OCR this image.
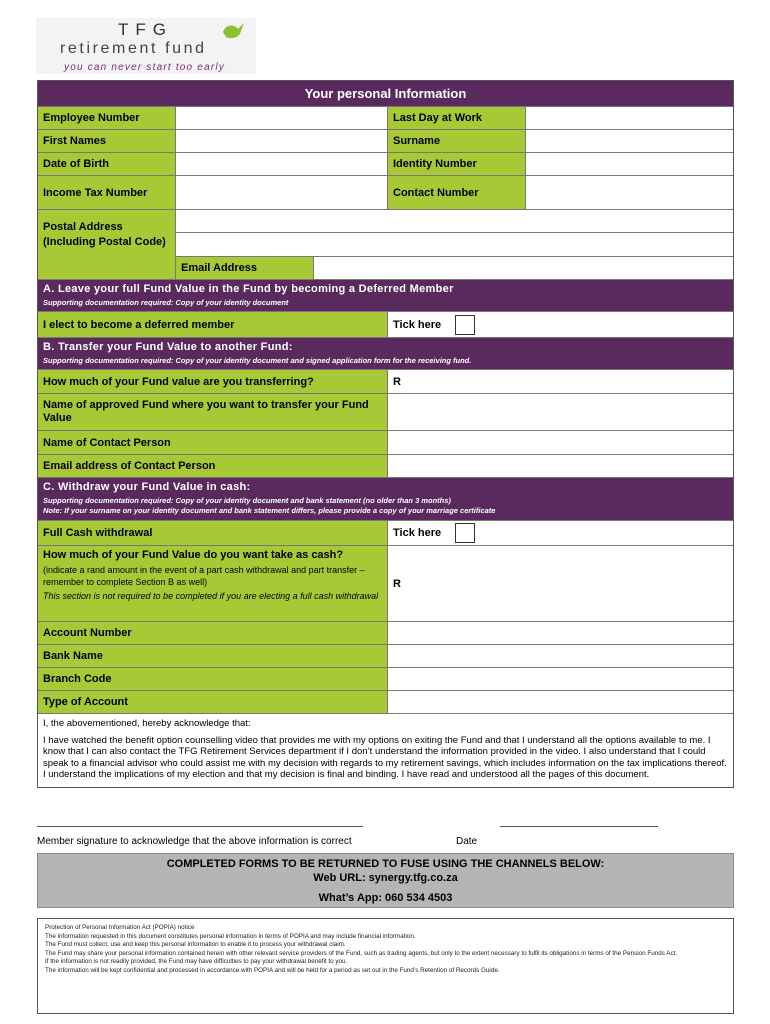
TFG
retirement fund
you can never start too early
Your personal Information
Employee Number	Last Day at Work
First Names	Surname
Date of Birth	Identity Number
Income Tax Number	Contact Number
Postal Address (Including Postal Code)
Email Address
A. Leave your full Fund Value in the Fund by becoming a Deferred Member
Supporting documentation required: Copy of your identity document
I elect to become a deferred member	Tick here
B. Transfer your Fund Value to another Fund:
Supporting documentation required: Copy of your identity document and signed application form for the receiving fund.
How much of your Fund value are you transferring?	R
Name of approved Fund where you want to transfer your Fund Value
Name of Contact Person
Email address of Contact Person
C. Withdraw your Fund Value in cash:
Supporting documentation required: Copy of your identity document and bank statement (no older than 3 months)
Note: If your surname on your identity document and bank statement differs, please provide a copy of your marriage certificate
Full Cash withdrawal	Tick here
How much of your Fund Value do you want take as cash?
(indicate a rand amount in the event of a part cash withdrawal and part transfer – remember to complete Section B as well)
This section is not required to be completed if you are electing a full cash withdrawal
R
Account Number
Bank Name
Branch Code
Type of Account

I, the abovementioned, hereby acknowledge that:

I have watched the benefit option counselling video that provides me with my options on exiting the Fund and that I understand all the options available to me. I know that I can also contact the TFG Retirement Services department if I don’t understand the information provided in the video. I also understand that I could speak to a financial advisor who could assist me with my decision with regards to my retirement savings, which includes information on the tax implications thereof. I understand the implications of my election and that my decision is final and binding. I have read and understood all the pages of this document.

Member signature to acknowledge that the above information is correct	Date
COMPLETED FORMS TO BE RETURNED TO FUSE USING THE CHANNELS BELOW:
Web URL: synergy.tfg.co.za
What’s App: 060 534 4503
Protection of Personal Information Act (POPIA) notice
The information requested in this document constitutes personal information in terms of POPIA and may include financial information.
The Fund must collect, use and keep this personal information to enable it to process your withdrawal claim.
The Fund may share your personal information contained herein with other relevant service providers of the Fund, such as trading agents, but only to the extent necessary to fulfil its obligations in terms of the Pension Funds Act.
If the information is not readily provided, the Fund may have difficulties to pay your withdrawal benefit to you.
The information will be kept confidential and processed in accordance with POPIA and will be held for a period as set out in the Fund’s Retention of Records Guide.
